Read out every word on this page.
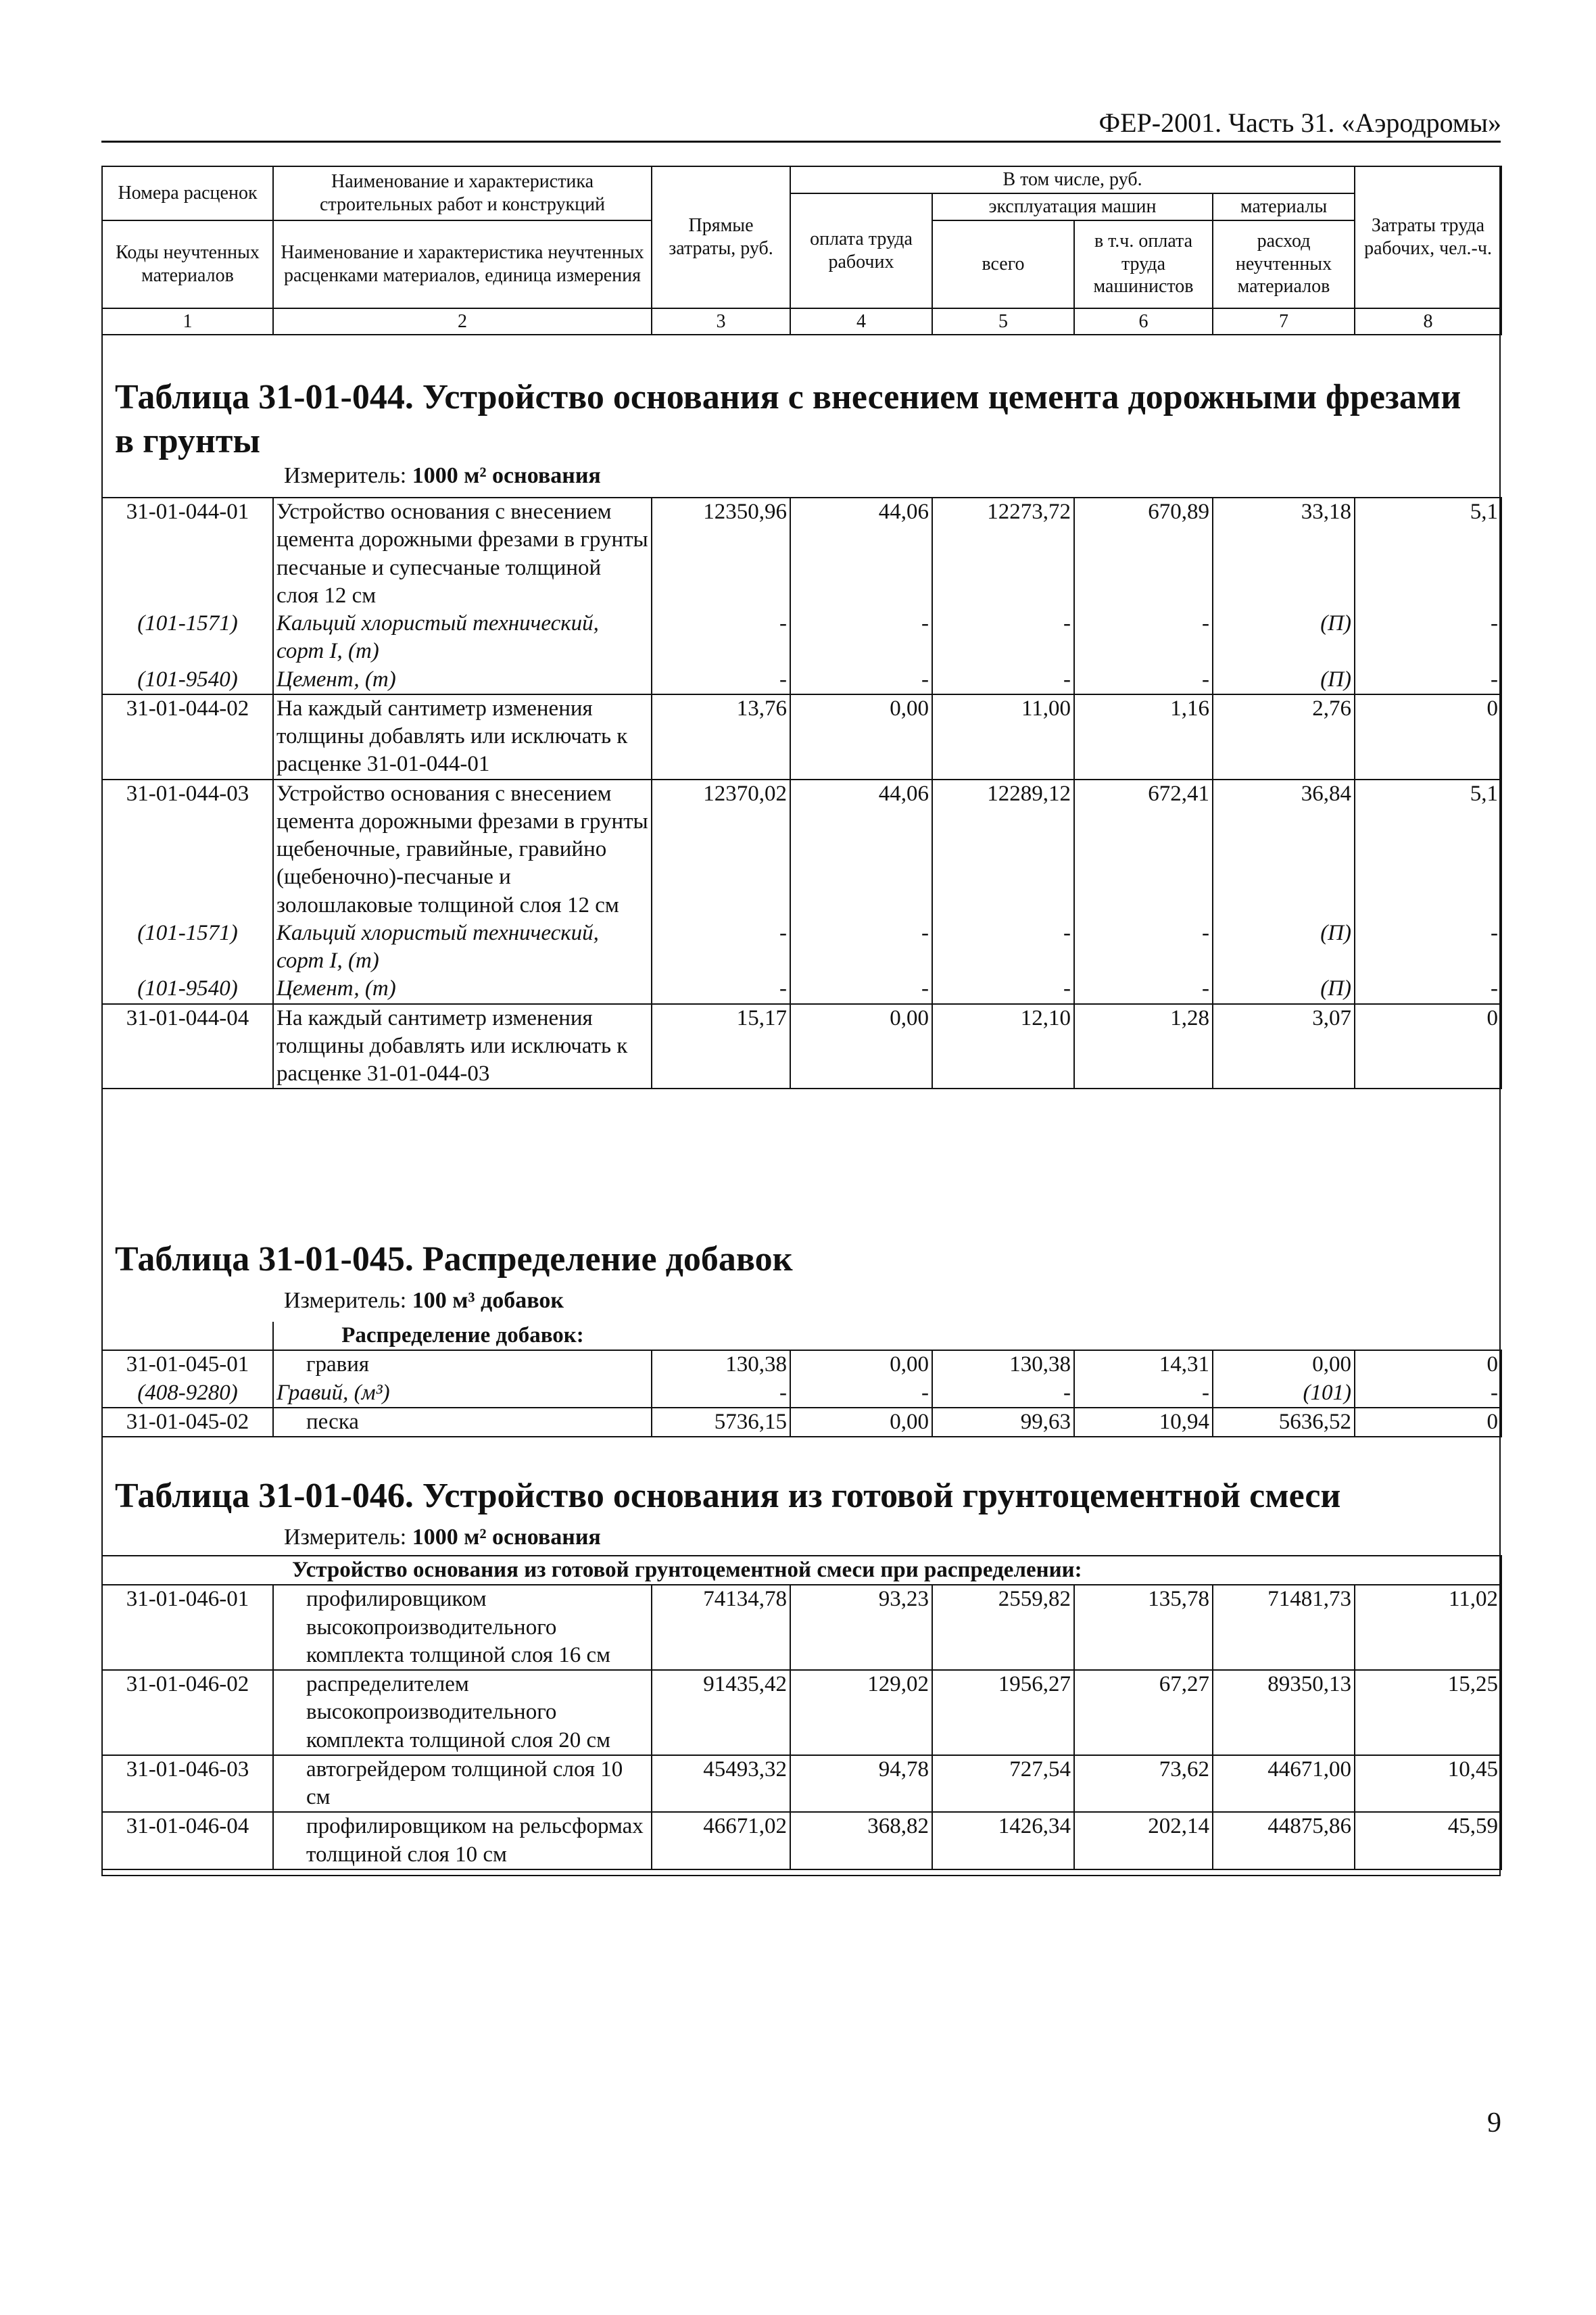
ФЕР-2001. Часть 31. «Аэродромы»
Номера расценок	Наименование и характеристика строительных работ и конструкций	Прямые затраты, руб.	В том числе, руб.				Затраты труда рабочих, чел.-ч.
			оплата труда рабочих	эксплуатация машин		материалы	
Коды неучтенных материалов	Наименование и характеристика неучтенных расценками материалов, единица измерения			всего	в т.ч. оплата труда машинистов	расход неучтенных материалов	

1	2	3	4	5	6	7	8
Таблица 31-01-044. Устройство основания с внесением цемента дорожными фрезами в грунты
Измеритель: 1000 м² основания
31-01-044-01	Устройство основания с внесением цемента дорожными фрезами в грунты песчаные и супесчаные толщиной слоя 12 см	12350,96	44,06	12273,72	670,89	33,18	5,1
(101-1571)	Кальций хлористый технический, сорт I, (т)	-	-	-	-	(П)	-
(101-9540)	Цемент, (т)	-	-	-	-	(П)	-
31-01-044-02	На каждый сантиметр изменения толщины добавлять или исключать к расценке 31-01-044-01	13,76	0,00	11,00	1,16	2,76	0
31-01-044-03	Устройство основания с внесением цемента дорожными фрезами в грунты щебеночные, гравийные, гравийно (щебеночно)-песчаные и золошлаковые толщиной слоя 12 см	12370,02	44,06	12289,12	672,41	36,84	5,1
(101-1571)	Кальций хлористый технический, сорт I, (т)	-	-	-	-	(П)	-
(101-9540)	Цемент, (т)	-	-	-	-	(П)	-
31-01-044-04	На каждый сантиметр изменения толщины добавлять или исключать к расценке 31-01-044-03	15,17	0,00	12,10	1,28	3,07	0
Таблица 31-01-045. Распределение добавок
Измеритель: 100 м³ добавок
	Распределение добавок:						
31-01-045-01	гравия	130,38	0,00	130,38	14,31	0,00	0
(408-9280)	Гравий, (м³)	-	-	-	-	(101)	-
31-01-045-02	песка	5736,15	0,00	99,63	10,94	5636,52	0
Таблица 31-01-046. Устройство основания из готовой грунтоцементной смеси
Измеритель: 1000 м² основания
Устройство основания из готовой грунтоцементной смеси при распределении:							
31-01-046-01	профилировщиком высокопроизводительного комплекта толщиной слоя 16 см	74134,78	93,23	2559,82	135,78	71481,73	11,02
31-01-046-02	распределителем высокопроизводительного комплекта толщиной слоя 20 см	91435,42	129,02	1956,27	67,27	89350,13	15,25
31-01-046-03	автогрейдером толщиной слоя 10 см	45493,32	94,78	727,54	73,62	44671,00	10,45
31-01-046-04	профилировщиком на рельсформах толщиной слоя 10 см	46671,02	368,82	1426,34	202,14	44875,86	45,59
9
